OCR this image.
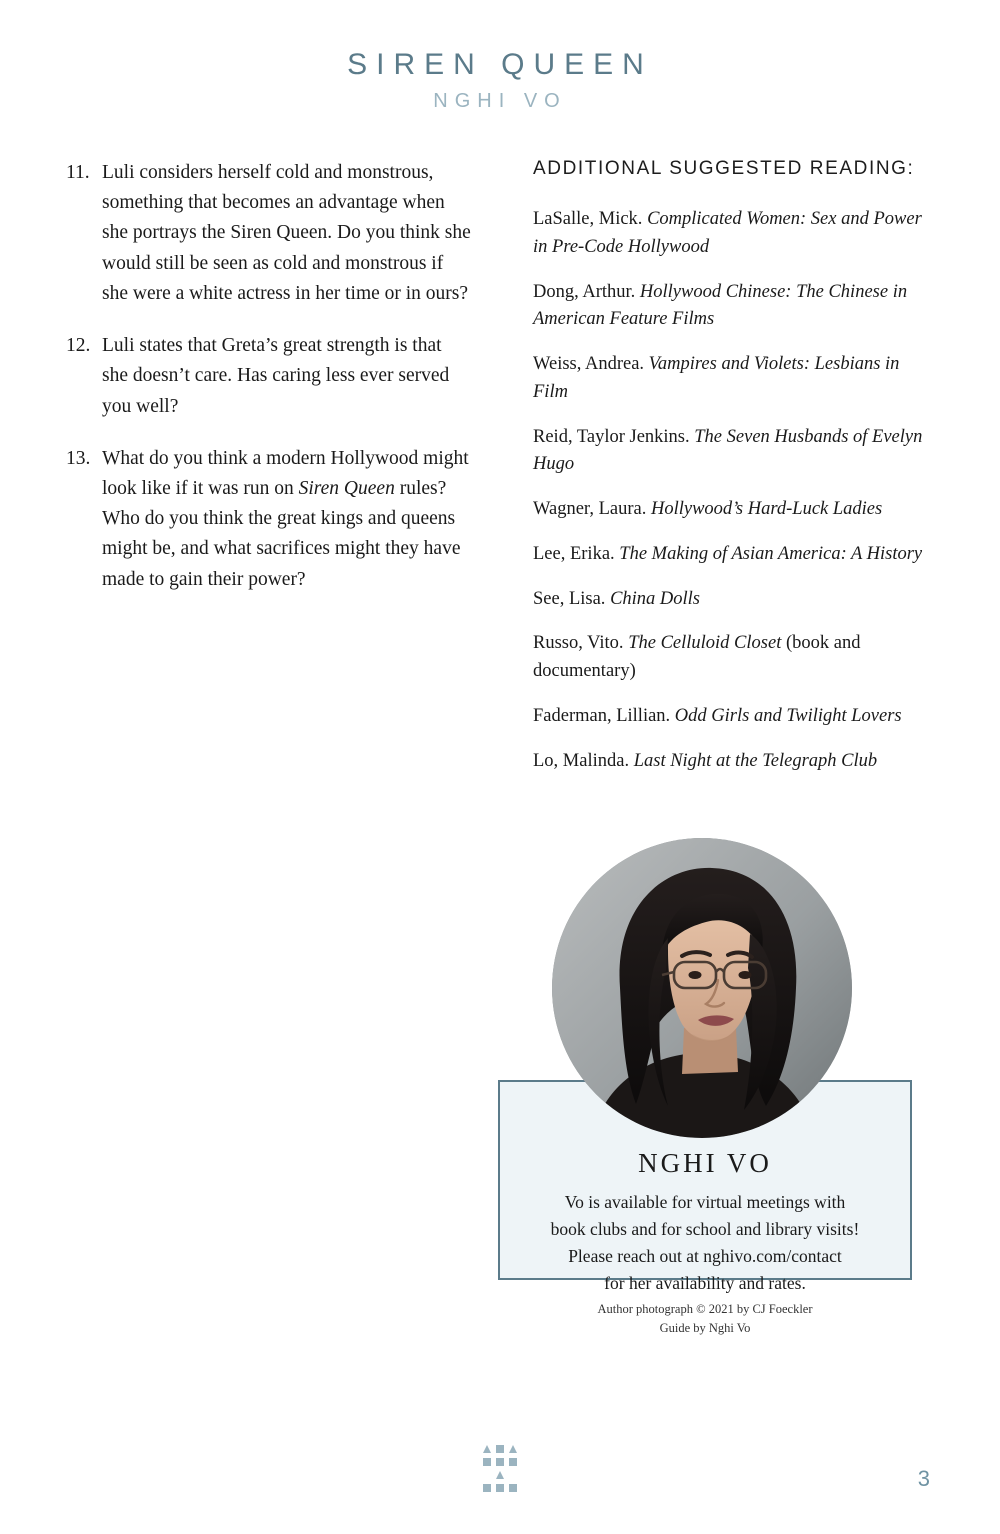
SIREN QUEEN
NGHI VO
11. Luli considers herself cold and monstrous, something that becomes an advantage when she portrays the Siren Queen. Do you think she would still be seen as cold and monstrous if she were a white actress in her time or in ours?
12. Luli states that Greta’s great strength is that she doesn’t care. Has caring less ever served you well?
13. What do you think a modern Hollywood might look like if it was run on Siren Queen rules? Who do you think the great kings and queens might be, and what sacrifices might they have made to gain their power?
ADDITIONAL SUGGESTED READING:
LaSalle, Mick. Complicated Women: Sex and Power in Pre-Code Hollywood
Dong, Arthur. Hollywood Chinese: The Chinese in American Feature Films
Weiss, Andrea. Vampires and Violets: Lesbians in Film
Reid, Taylor Jenkins. The Seven Husbands of Evelyn Hugo
Wagner, Laura. Hollywood’s Hard-Luck Ladies
Lee, Erika. The Making of Asian America: A History
See, Lisa. China Dolls
Russo, Vito. The Celluloid Closet (book and documentary)
Faderman, Lillian. Odd Girls and Twilight Lovers
Lo, Malinda. Last Night at the Telegraph Club
NGHI VO
Vo is available for virtual meetings with
book clubs and for school and library visits!
Please reach out at nghivo.com/contact
for her availability and rates.
Author photograph © 2021 by CJ Foeckler
Guide by Nghi Vo
3
